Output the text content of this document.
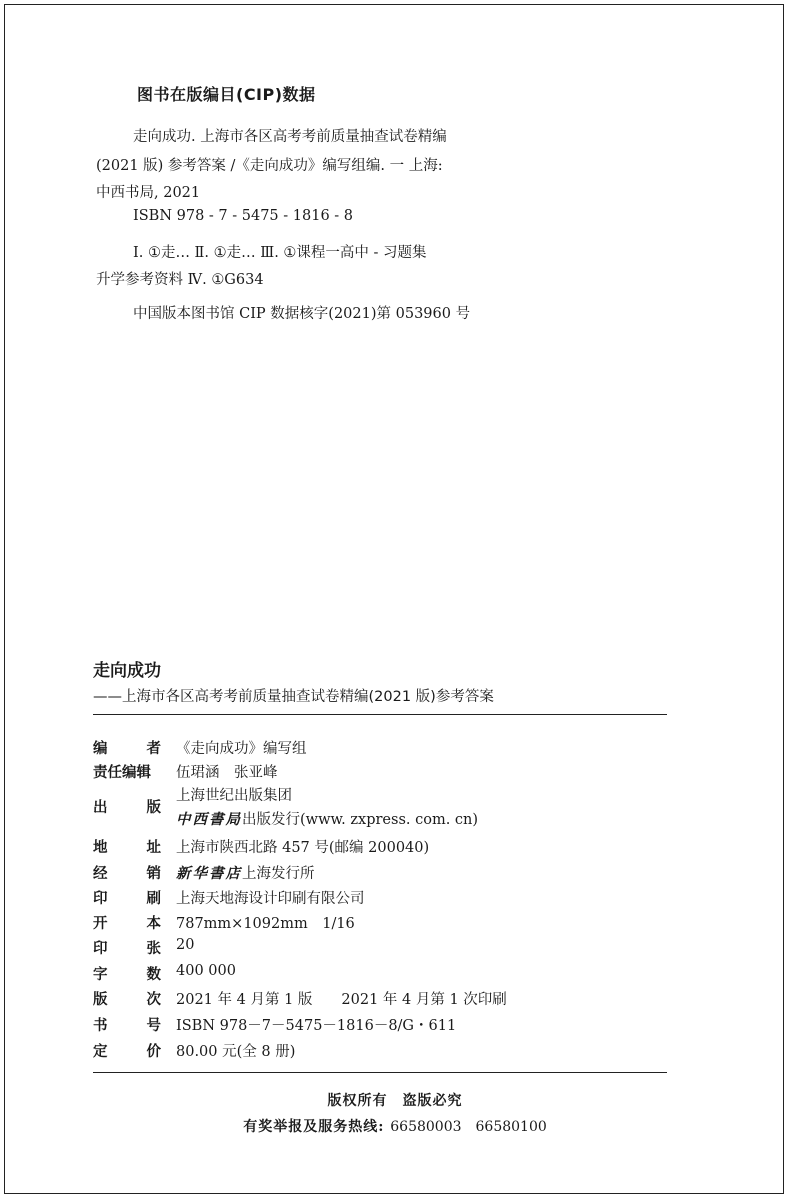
图书在版编目(CIP)数据
走向成功. 上海市各区高考考前质量抽查试卷精编
(2021 版) 参考答案 /《走向成功》编写组编. 一 上海:
中西书局, 2021
ISBN 978 - 7 - 5475 - 1816 - 8
Ⅰ. ①走… Ⅱ. ①走… Ⅲ. ①课程一高中 - 习题集
升学参考资料 Ⅳ. ①G634
中国版本图书馆 CIP 数据核字(2021)第 053960 号
走向成功
——上海市各区高考考前质量抽查试卷精编(2021 版)参考答案
编	者 《走向成功》编写组
责任编辑	伍珺涵　张亚峰
出	版
上海世纪出版集团
中西書局出版发行(www. zxpress. com. cn)
地	址 上海市陕西北路 457 号(邮编 200040)
经	销 新华書店上海发行所
印	刷 上海天地海设计印刷有限公司
开	本 787mm×1092mm　1/16
印	张 20
字	数 400 000
版	次 2021 年 4 月第 1 版　　2021 年 4 月第 1 次印刷
书	号 ISBN 978－7－5475－1816－8/G・611
定	价 80.00 元(全 8 册)
版权所有　盗版必究
有奖举报及服务热线: 66580003　66580100
